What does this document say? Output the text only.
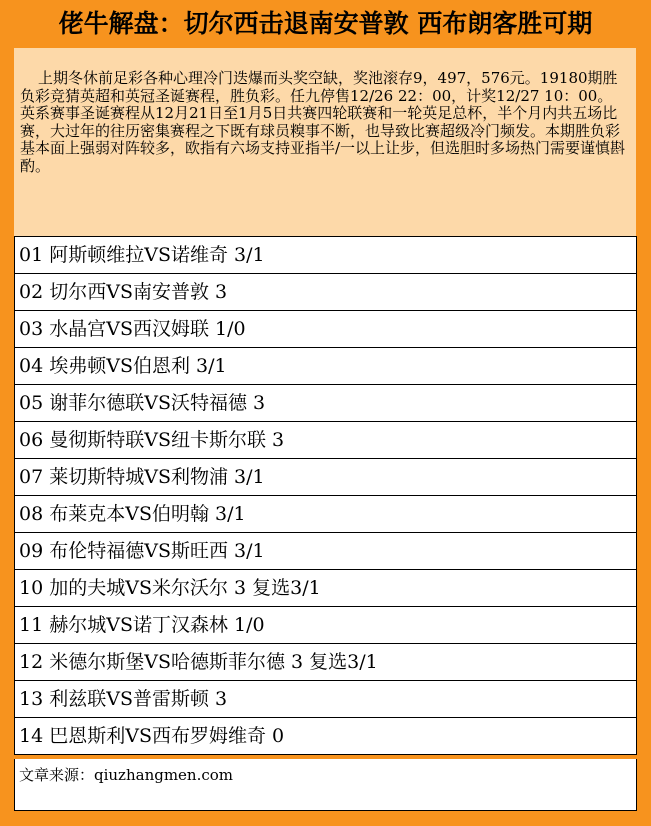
佬牛解盘：切尔西击退南安普敦 西布朗客胜可期
上期冬休前足彩各种心理冷门迭爆而头奖空缺，奖池滚存9，497，576元。19180期胜负彩竞猜英超和英冠圣诞赛程，胜负彩。任九停售12/26 22：00，计奖12/27 10：00。英系赛事圣诞赛程从12月21日至1月5日共赛四轮联赛和一轮英足总杯，半个月内共五场比赛，大过年的往历密集赛程之下既有球员糗事不断，也导致比赛超级冷门频发。本期胜负彩基本面上强弱对阵较多，欧指有六场支持亚指半/一以上让步，但选胆时多场热门需要谨慎斟酌。
01 阿斯顿维拉VS诺维奇 3/1
02 切尔西VS南安普敦 3
03 水晶宫VS西汉姆联 1/0
04 埃弗顿VS伯恩利 3/1
05 谢菲尔德联VS沃特福德 3
06 曼彻斯特联VS纽卡斯尔联 3
07 莱切斯特城VS利物浦 3/1
08 布莱克本VS伯明翰 3/1
09 布伦特福德VS斯旺西 3/1
10 加的夫城VS米尔沃尔 3 复选3/1
11 赫尔城VS诺丁汉森林 1/0
12 米德尔斯堡VS哈德斯菲尔德 3 复选3/1
13 利兹联VS普雷斯顿 3
14 巴恩斯利VS西布罗姆维奇 0
文章来源：qiuzhangmen.com
